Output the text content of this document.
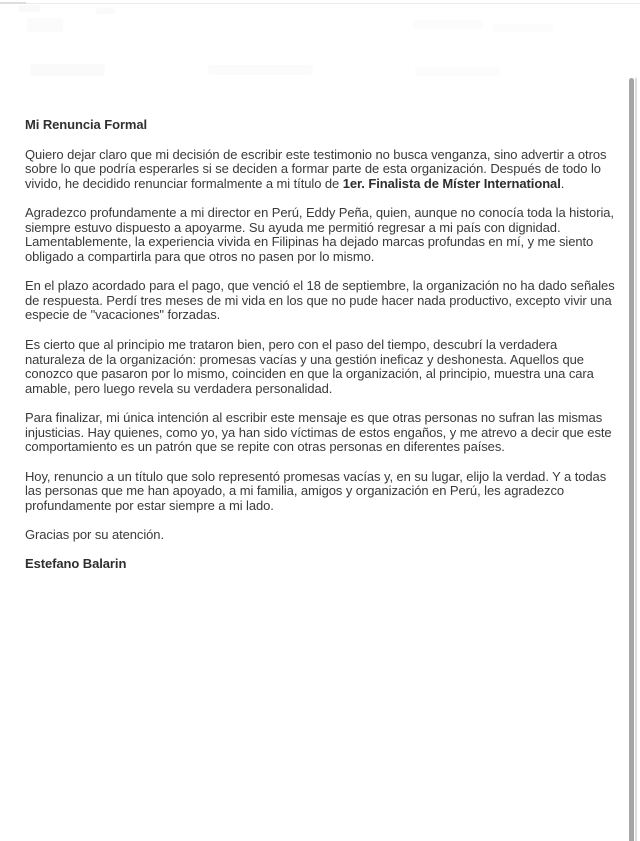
Mi Renuncia Formal
Quiero dejar claro que mi decisión de escribir este testimonio no busca venganza, sino advertir a otros
sobre lo que podría esperarles si se deciden a formar parte de esta organización. Después de todo lo
vivido, he decidido renunciar formalmente a mi título de 1er. Finalista de Míster International.
Agradezco profundamente a mi director en Perú, Eddy Peña, quien, aunque no conocía toda la historia,
siempre estuvo dispuesto a apoyarme. Su ayuda me permitió regresar a mi país con dignidad.
Lamentablemente, la experiencia vivida en Filipinas ha dejado marcas profundas en mí, y me siento
obligado a compartirla para que otros no pasen por lo mismo.
En el plazo acordado para el pago, que venció el 18 de septiembre, la organización no ha dado señales
de respuesta. Perdí tres meses de mi vida en los que no pude hacer nada productivo, excepto vivir una
especie de "vacaciones" forzadas.
Es cierto que al principio me trataron bien, pero con el paso del tiempo, descubrí la verdadera
naturaleza de la organización: promesas vacías y una gestión ineficaz y deshonesta. Aquellos que
conozco que pasaron por lo mismo, coinciden en que la organización, al principio, muestra una cara
amable, pero luego revela su verdadera personalidad.
Para finalizar, mi única intención al escribir este mensaje es que otras personas no sufran las mismas
injusticias. Hay quienes, como yo, ya han sido víctimas de estos engaños, y me atrevo a decir que este
comportamiento es un patrón que se repite con otras personas en diferentes países.
Hoy, renuncio a un título que solo representó promesas vacías y, en su lugar, elijo la verdad. Y a todas
las personas que me han apoyado, a mi familia, amigos y organización en Perú, les agradezco
profundamente por estar siempre a mi lado.
Gracias por su atención.
Estefano Balarin
